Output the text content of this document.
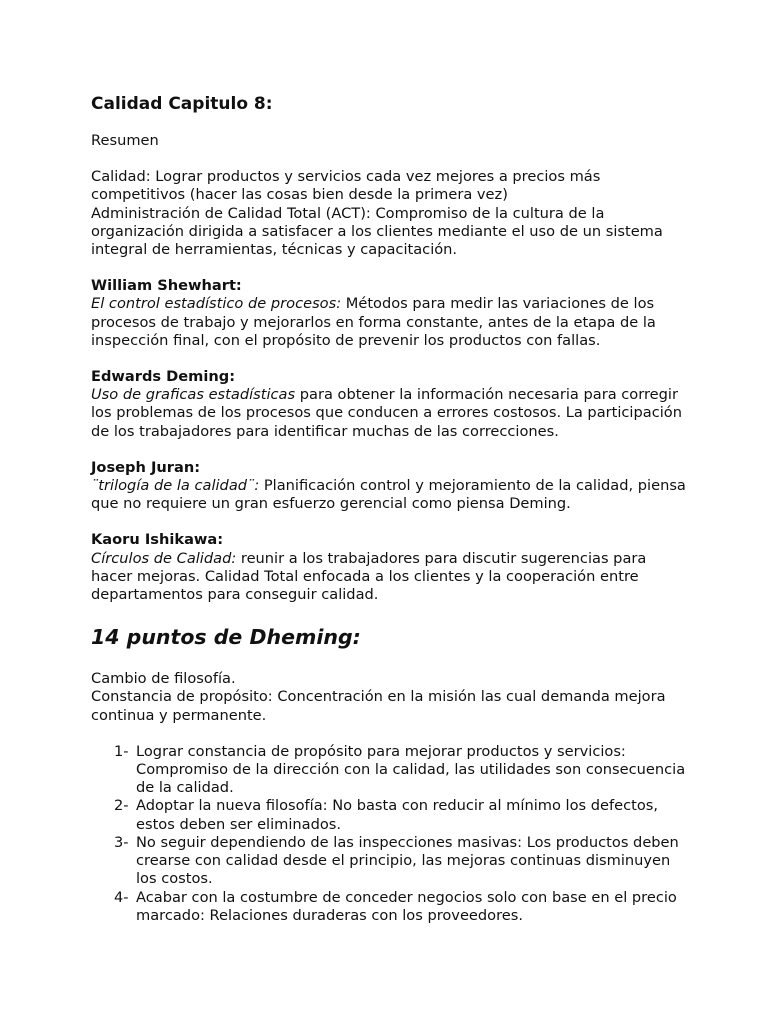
Calidad Capitulo 8:

Resumen

Calidad: Lograr productos y servicios cada vez mejores a precios más competitivos (hacer las cosas bien desde la primera vez)

Administración de Calidad Total (ACT): Compromiso de la cultura de la organización dirigida a satisfacer a los clientes mediante el uso de un sistema integral de herramientas, técnicas y capacitación.

William Shewhart:

El control estadístico de procesos: Métodos para medir las variaciones de los procesos de trabajo y mejorarlos en forma constante, antes de la etapa de la inspección final, con el propósito de prevenir los productos con fallas.

Edwards Deming:

Uso de graficas estadísticas para obtener la información necesaria para corregir los problemas de los procesos que conducen a errores costosos. La participación de los trabajadores para identificar muchas de las correcciones.

Joseph Juran:

¨trilogía de la calidad¨: Planificación control y mejoramiento de la calidad, piensa que no requiere un gran esfuerzo gerencial como piensa Deming.

Kaoru Ishikawa:

Círculos de Calidad: reunir a los trabajadores para discutir sugerencias para hacer mejoras. Calidad Total enfocada a los clientes y la cooperación entre departamentos para conseguir calidad.

14 puntos de Dheming:

Cambio de filosofía.

Constancia de propósito: Concentración en la misión las cual demanda mejora continua y permanente.

1- Lograr constancia de propósito para mejorar productos y servicios: Compromiso de la dirección con la calidad, las utilidades son consecuencia de la calidad.
2- Adoptar la nueva filosofía: No basta con reducir al mínimo los defectos, estos deben ser eliminados.
3- No seguir dependiendo de las inspecciones masivas: Los productos deben crearse con calidad desde el principio, las mejoras continuas disminuyen los costos.
4- Acabar con la costumbre de conceder negocios solo con base en el precio marcado: Relaciones duraderas con los proveedores.
